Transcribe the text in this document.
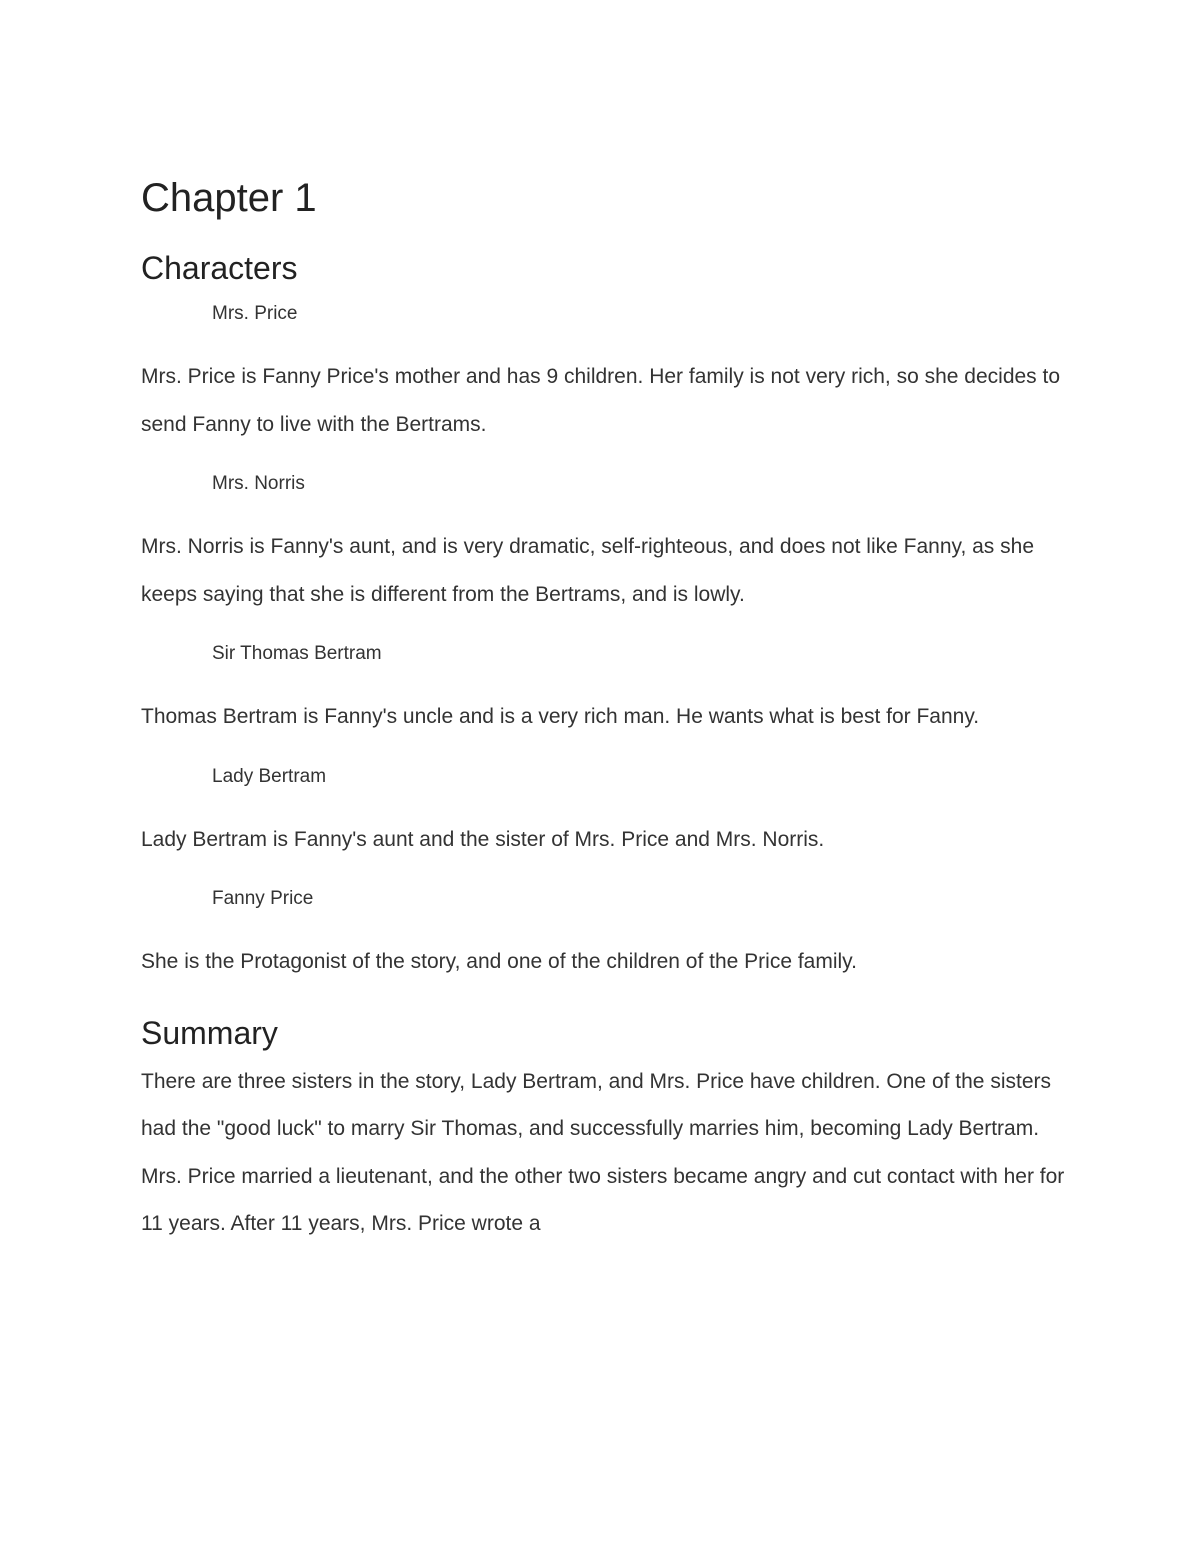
Chapter 1
Characters

Mrs. Price

Mrs. Price is Fanny Price's mother and has 9 children. Her family is not very rich, so she decides to send Fanny to live with the Bertrams.

Mrs. Norris

Mrs. Norris is Fanny's aunt, and is very dramatic, self-righteous, and does not like Fanny, as she keeps saying that she is different from the Bertrams, and is lowly.

Sir Thomas Bertram

Thomas Bertram is Fanny's uncle and is a very rich man. He wants what is best for Fanny.

Lady Bertram

Lady Bertram is Fanny's aunt and the sister of Mrs. Price and Mrs. Norris.

Fanny Price

She is the Protagonist of the story, and one of the children of the Price family.

Summary

There are three sisters in the story, Lady Bertram, and Mrs. Price have children. One of the sisters had the "good luck" to marry Sir Thomas, and successfully marries him, becoming Lady Bertram. Mrs. Price married a lieutenant, and the other two sisters became angry and cut contact with her for 11 years. After 11 years, Mrs. Price wrote a
